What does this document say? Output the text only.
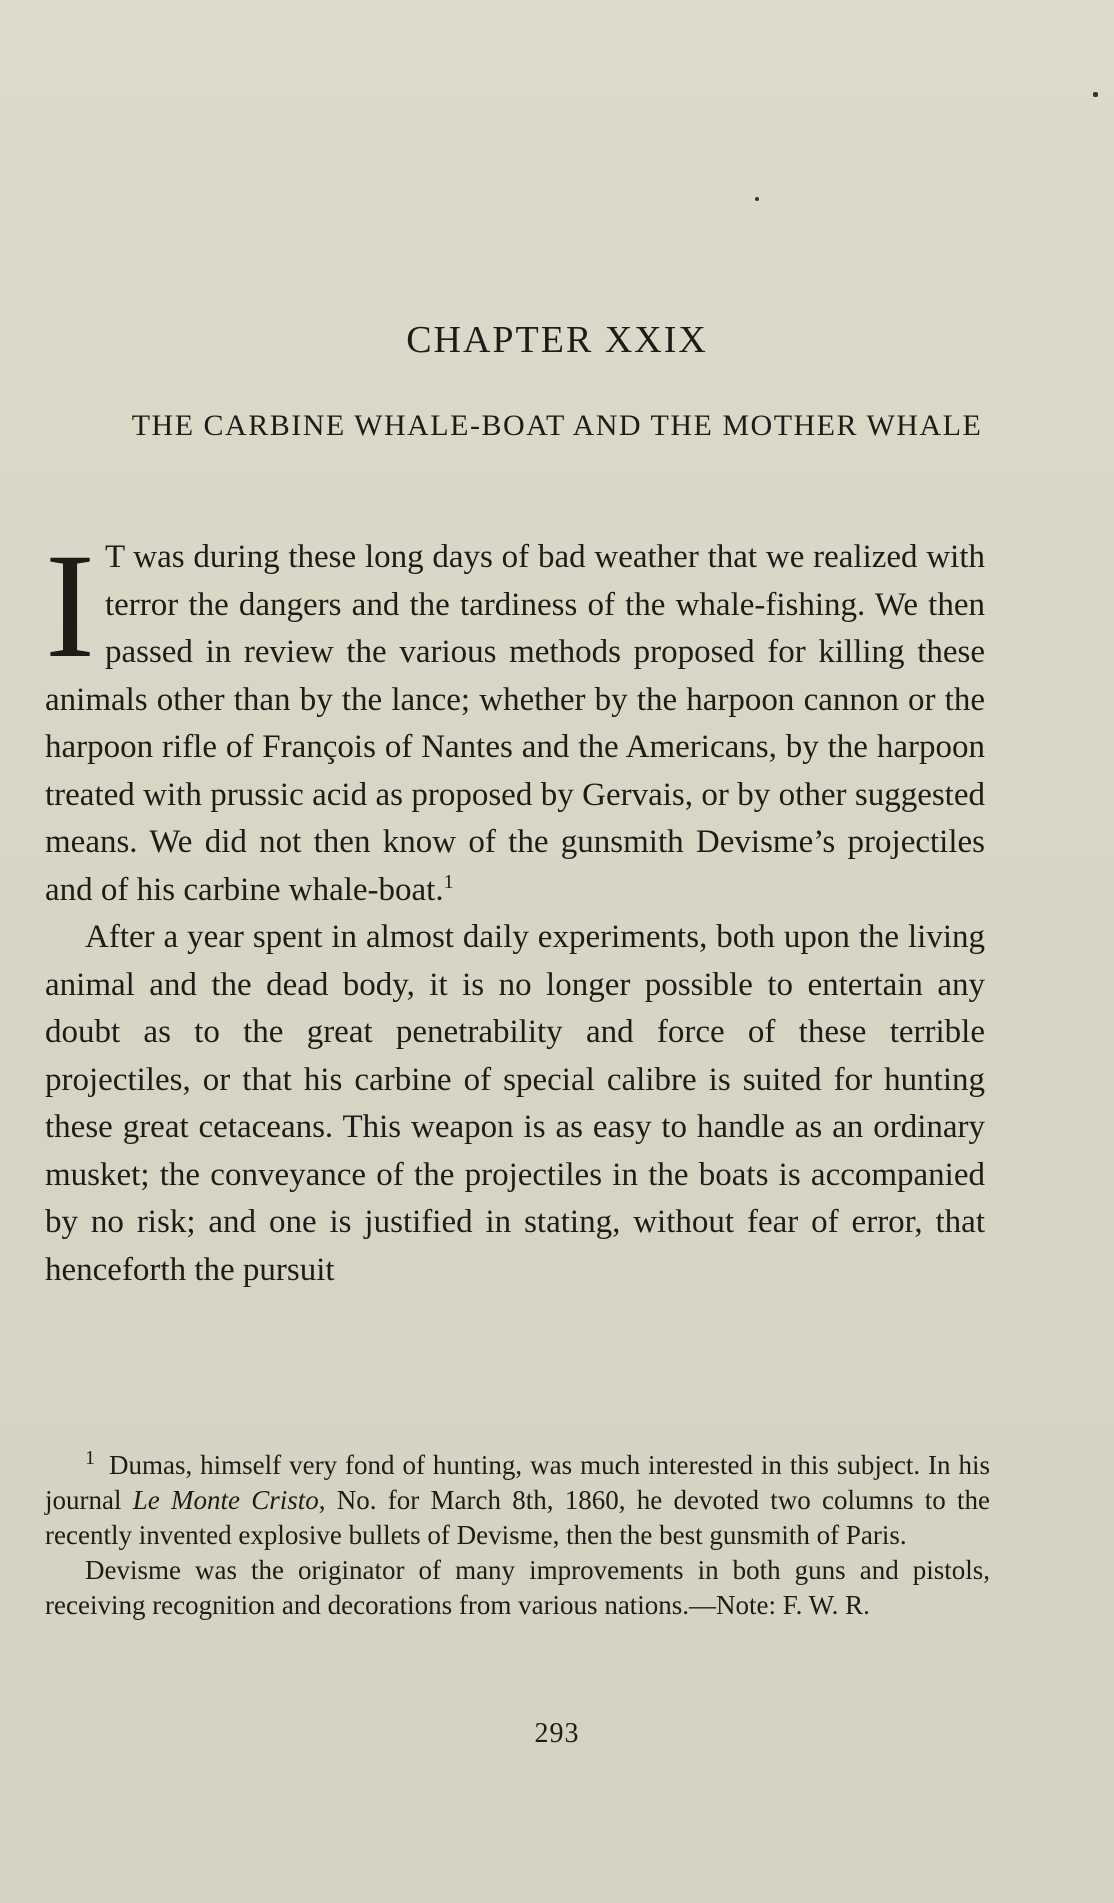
CHAPTER XXIX
THE CARBINE WHALE-BOAT AND THE MOTHER WHALE

I T was during these long days of bad weather that we realized with terror the dangers and the tardiness of the whale-fishing. We then passed in review the various methods proposed for killing these animals other than by the lance; whether by the harpoon cannon or the harpoon rifle of François of Nantes and the Americans, by the harpoon treated with prussic acid as proposed by Gervais, or by other suggested means. We did not then know of the gunsmith Devisme’s projectiles and of his carbine whale-boat.$^1$

After a year spent in almost daily experiments, both upon the living animal and the dead body, it is no longer possible to entertain any doubt as to the great penetrability and force of these terrible projectiles, or that his carbine of special calibre is suited for hunting these great cetaceans. This weapon is as easy to handle as an ordinary musket; the conveyance of the projectiles in the boats is accompanied by no risk; and one is justified in stating, without fear of error, that henceforth the pursuit

$^1$ Dumas, himself very fond of hunting, was much interested in this subject. In his journal Le Monte Cristo, No. for March 8th, 1860, he devoted two columns to the recently invented explosive bullets of Devisme, then the best gunsmith of Paris.

Devisme was the originator of many improvements in both guns and pistols, receiving recognition and decorations from various nations.—Note: F. W. R.

293
